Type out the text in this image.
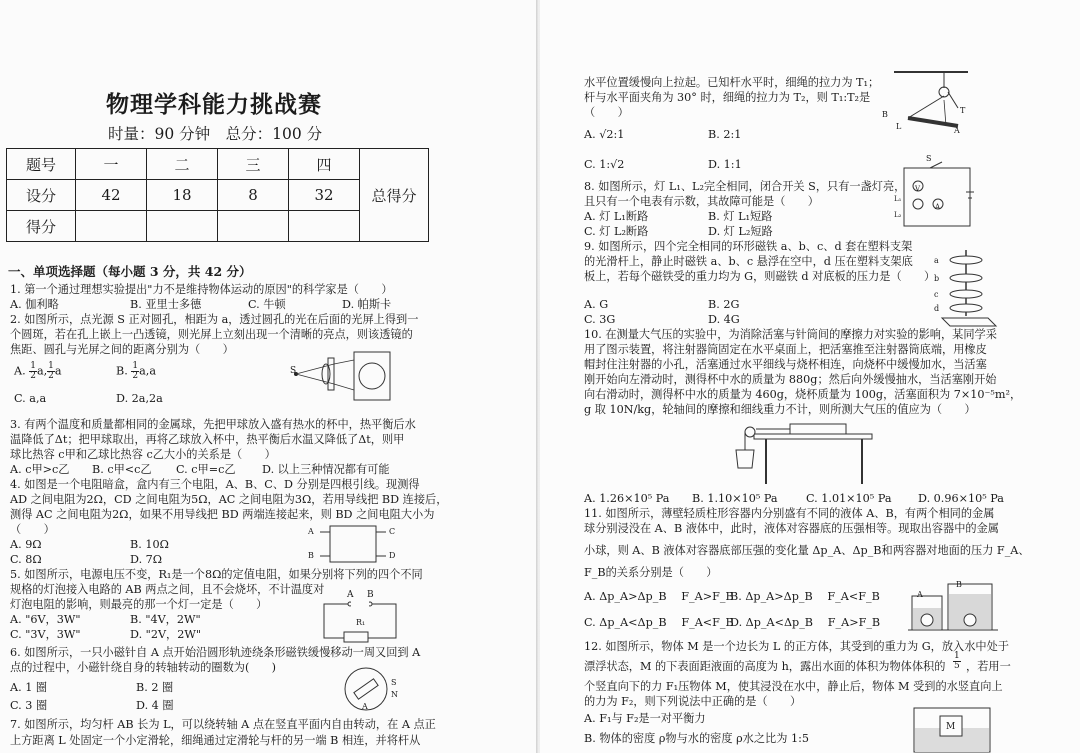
物理学科能力挑战赛
时量：90 分钟　总分：100 分
题号	一	二	三	四	总得分
设分	42	18	8	32	
得分					
一、单项选择题（每小题 3 分，共 42 分）
1. 第一个通过理想实验提出"力不是维持物体运动的原因"的科学家是（　　）
A. 伽利略	B. 亚里士多德	C. 牛顿	D. 帕斯卡
2. 如图所示，点光源 S 正对圆孔，相距为 a，透过圆孔的光在后面的光屏上得到一
个圆斑，若在孔上嵌上一凸透镜，则光屏上立刻出现一个清晰的亮点，则该透镜的
焦距、圆孔与光屏之间的距离分别为（　　）
A. $\frac{1}{2} a$, $\frac{1}{2}$ a	B. $\frac{1}{2} a,a$
C. a,a	D. 2a,2a
S
3. 有两个温度和质量都相同的金属球，先把甲球放入盛有热水的杯中，热平衡后水
温降低了Δt；把甲球取出，再将乙球放入杯中，热平衡后水温又降低了Δt，则甲
球比热容 c甲和乙球比热容 c乙大小的关系是（　　）
A. c甲>c乙 B. c甲<c乙 C. c甲=c乙 D. 以上三种情况都有可能
4. 如图是一个电阻暗盒，盒内有三个电阻，A、B、C、D 分别是四根引线。现测得
AD 之间电阻为2Ω，CD 之间电阻为5Ω，AC 之间电阻为3Ω，若用导线把 BD 连接后，
测得 AC 之间电阻为2Ω，如果不用导线把 BD 两端连接起来，则 BD 之间电阻大小为
（　　）
A. 9Ω	B. 10Ω
C. 8Ω	D. 7Ω
A
B
C
D
5. 如图所示，电源电压不变，R₁是一个8Ω的定值电阻，如果分别将下列的四个不同
规格的灯泡接入电路的 AB 两点之间，且不会烧坏，不计温度对
灯泡电阻的影响，则最亮的那一个灯一定是（　　）
A. "6V，3W"	B. "4V，2W"
C. "3V，3W"	D. "2V，2W"
A B
R₁
6. 如图所示，一只小磁针自 A 点开始沿圆形轨迹绕条形磁铁缓慢移动一周又回到 A
点的过程中，小磁针绕自身的转轴转动的圈数为(　　)
A. 1 圈	B. 2 圈
C. 3 圈	D. 4 圈
S
N
A
7. 如图所示，均匀杆 AB 长为 L，可以绕转轴 A 点在竖直平面内自由转动，在 A 点正
上方距离 L 处固定一个小定滑轮，细绳通过定滑轮与杆的另一端 B 相连，并将杆从
水平位置缓慢向上拉起。已知杆水平时，细绳的拉力为 T₁；
杆与水平面夹角为 30° 时，细绳的拉力为 T₂，则 T₁:T₂是
（　　）
A. √2:1	B. 2:1
C. 1:√2	D. 1:1
B
L
T
A
8. 如图所示，灯 L₁、L₂完全相同，闭合开关 S，只有一盏灯亮，
且只有一个电表有示数，其故障可能是（　　）
A. 灯 L₁断路	B. 灯 L₁短路
C. 灯 L₂断路	D. 灯 L₂短路
S
V
L₁
L₂
A
9. 如图所示，四个完全相同的环形磁铁 a、b、c、d 套在塑料支架
的光滑杆上，静止时磁铁 a、b、c 悬浮在空中，d 压在塑料支架底
板上，若每个磁铁受的重力均为 G，则磁铁 d 对底板的压力是（　　）
A. G	B. 2G
C. 3G	D. 4G
a
b
c
d
10. 在测量大气压的实验中，为消除活塞与针筒间的摩擦力对实验的影响，某同学采
用了图示装置，将注射器筒固定在水平桌面上，把活塞推至注射器筒底端，用橡皮
帽封住注射器的小孔，活塞通过水平细线与烧杯相连，向烧杯中缓慢加水，当活塞
刚开始向左滑动时，测得杯中水的质量为 880g；然后向外缓慢抽水，当活塞刚开始
向右滑动时，测得杯中水的质量为 460g，烧杯质量为 100g，活塞面积为 7×10⁻⁵m²，
g 取 10N/kg，轮轴间的摩擦和细线重力不计，则所测大气压的值应为（　　）
A. 1.26×10⁵ Pa B. 1.10×10⁵ Pa	C. 1.01×10⁵ Pa D. 0.96×10⁵ Pa
11. 如图所示，薄壁轻质柱形容器内分别盛有不同的液体 A、B，有两个相同的金属
球分别浸没在 A、B 液体中，此时，液体对容器底的压强相等。现取出容器中的金属
小球，则 A、B 液体对容器底部压强的变化量 Δp_A、Δp_B和两容器对地面的压力 F_A、
F_B的关系分别是（　　）
A. Δp_A>Δp_B　 F_A>F_B
B. Δp_A>Δp_B　 F_A<F_B
C. Δp_A<Δp_B　 F_A<F_B
D. Δp_A<Δp_B　 F_A>F_B
A
B
12. 如图所示，物体 M 是一个边长为 L 的正方体，其受到的重力为 G，放入水中处于
漂浮状态，M 的下表面距液面的高度为 h，露出水面的体积为物体体积的 $\frac{1}{5}$ ，若用一
个竖直向下的力 F₁压物体 M，使其浸没在水中，静止后，物体 M 受到的水竖直向上
的力为 F₂，则下列说法中正确的是（　　）
A. F₁与 F₂是一对平衡力
B. 物体的密度 ρ物与水的密度 ρ水之比为 1:5
M
